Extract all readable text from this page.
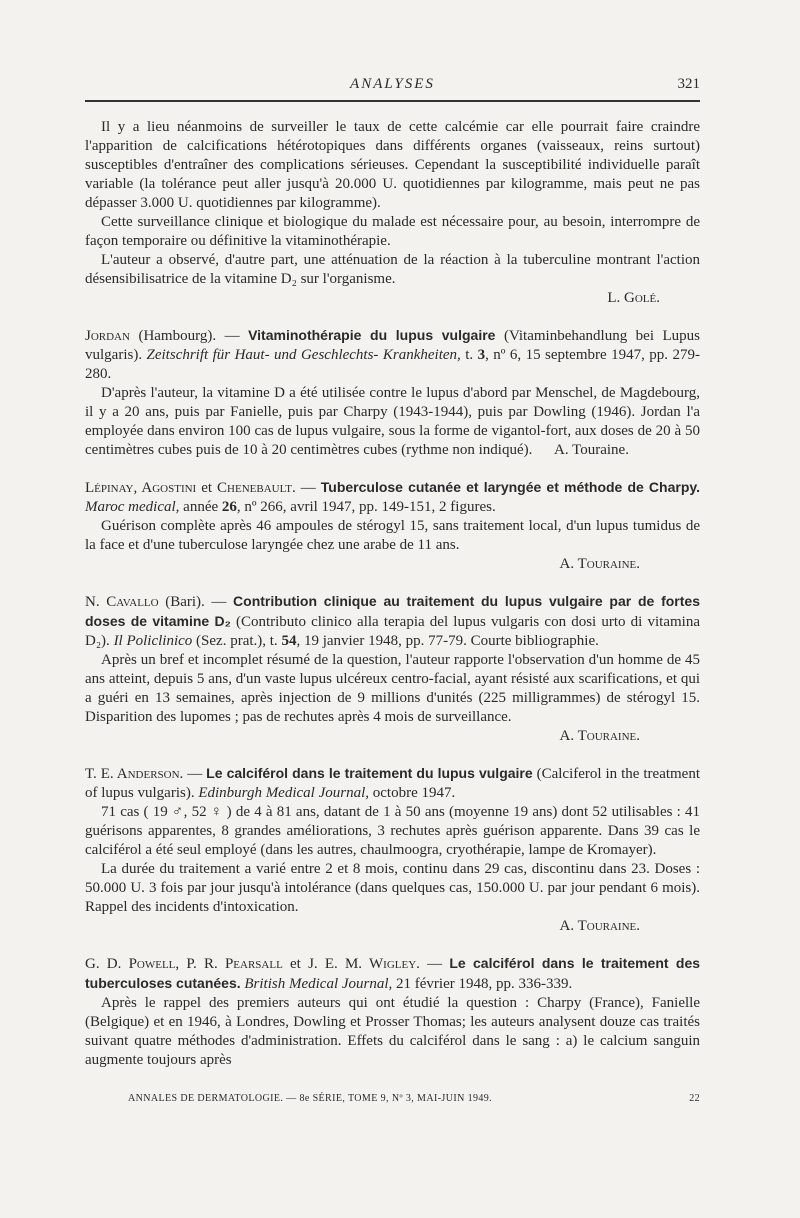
ANALYSES	321

Il y a lieu néanmoins de surveiller le taux de cette calcémie car elle pourrait faire craindre l'apparition de calcifications hétérotopiques dans différents organes (vaisseaux, reins surtout) susceptibles d'entraîner des complications sérieuses. Cependant la susceptibilité individuelle paraît variable (la tolérance peut aller jusqu'à 20.000 U. quotidiennes par kilogramme, mais peut ne pas dépasser 3.000 U. quotidiennes par kilogramme).

Cette surveillance clinique et biologique du malade est nécessaire pour, au besoin, interrompre de façon temporaire ou définitive la vitaminothérapie.

L'auteur a observé, d'autre part, une atténuation de la réaction à la tuberculine montrant l'action désensibilisatrice de la vitamine D₂ sur l'organisme.

L. Golé.

Jordan (Hambourg). — Vitaminothérapie du lupus vulgaire (Vitaminbehandlung bei Lupus vulgaris). Zeitschrift für Haut- und Geschlechts- Krankheiten, t. 3, nº 6, 15 septembre 1947, pp. 279-280.

D'après l'auteur, la vitamine D a été utilisée contre le lupus d'abord par Menschel, de Magdebourg, il y a 20 ans, puis par Fanielle, puis par Charpy (1943-1944), puis par Dowling (1946). Jordan l'a employée dans environ 100 cas de lupus vulgaire, sous la forme de vigantol-fort, aux doses de 20 à 50 centimètres cubes puis de 10 à 20 centimètres cubes (rythme non indiqué).      A. Touraine.

Lépinay, Agostini et Chenebault. — Tuberculose cutanée et laryngée et méthode de Charpy. Maroc medical, année 26, nº 266, avril 1947, pp. 149-151, 2 figures.

Guérison complète après 46 ampoules de stérogyl 15, sans traitement local, d'un lupus tumidus de la face et d'une tuberculose laryngée chez une arabe de 11 ans.

A. Touraine.

N. Cavallo (Bari). — Contribution clinique au traitement du lupus vulgaire par de fortes doses de vitamine D₂ (Contributo clinico alla terapia del lupus vulgaris con dosi urto di vitamina D₂). Il Policlinico (Sez. prat.), t. 54, 19 janvier 1948, pp. 77-79. Courte bibliographie.

Après un bref et incomplet résumé de la question, l'auteur rapporte l'observation d'un homme de 45 ans atteint, depuis 5 ans, d'un vaste lupus ulcéreux centro-facial, ayant résisté aux scarifications, et qui a guéri en 13 semaines, après injection de 9 millions d'unités (225 milligrammes) de stérogyl 15. Disparition des lupomes ; pas de rechutes après 4 mois de surveillance.

A. Touraine.

T. E. Anderson. — Le calciférol dans le traitement du lupus vulgaire (Calciferol in the treatment of lupus vulgaris). Edinburgh Medical Journal, octobre 1947.

71 cas ( 19 ♂, 52 ♀ ) de 4 à 81 ans, datant de 1 à 50 ans (moyenne 19 ans) dont 52 utilisables : 41 guérisons apparentes, 8 grandes améliorations, 3 rechutes après guérison apparente. Dans 39 cas le calciférol a été seul employé (dans les autres, chaulmoogra, cryothérapie, lampe de Kromayer).

La durée du traitement a varié entre 2 et 8 mois, continu dans 29 cas, discontinu dans 23. Doses : 50.000 U. 3 fois par jour jusqu'à intolérance (dans quelques cas, 150.000 U. par jour pendant 6 mois). Rappel des incidents d'intoxication.

A. Touraine.

G. D. Powell, P. R. Pearsall et J. E. M. Wigley. — Le calciférol dans le traitement des tuberculoses cutanées. British Medical Journal, 21 février 1948, pp. 336-339.

Après le rappel des premiers auteurs qui ont étudié la question : Charpy (France), Fanielle (Belgique) et en 1946, à Londres, Dowling et Prosser Thomas; les auteurs analysent douze cas traités suivant quatre méthodes d'administration. Effets du calciférol dans le sang : a) le calcium sanguin augmente toujours après

ANNALES DE DERMATOLOGIE. — 8e SÉRIE, TOME 9, Nº 3, MAI-JUIN 1949.	22
